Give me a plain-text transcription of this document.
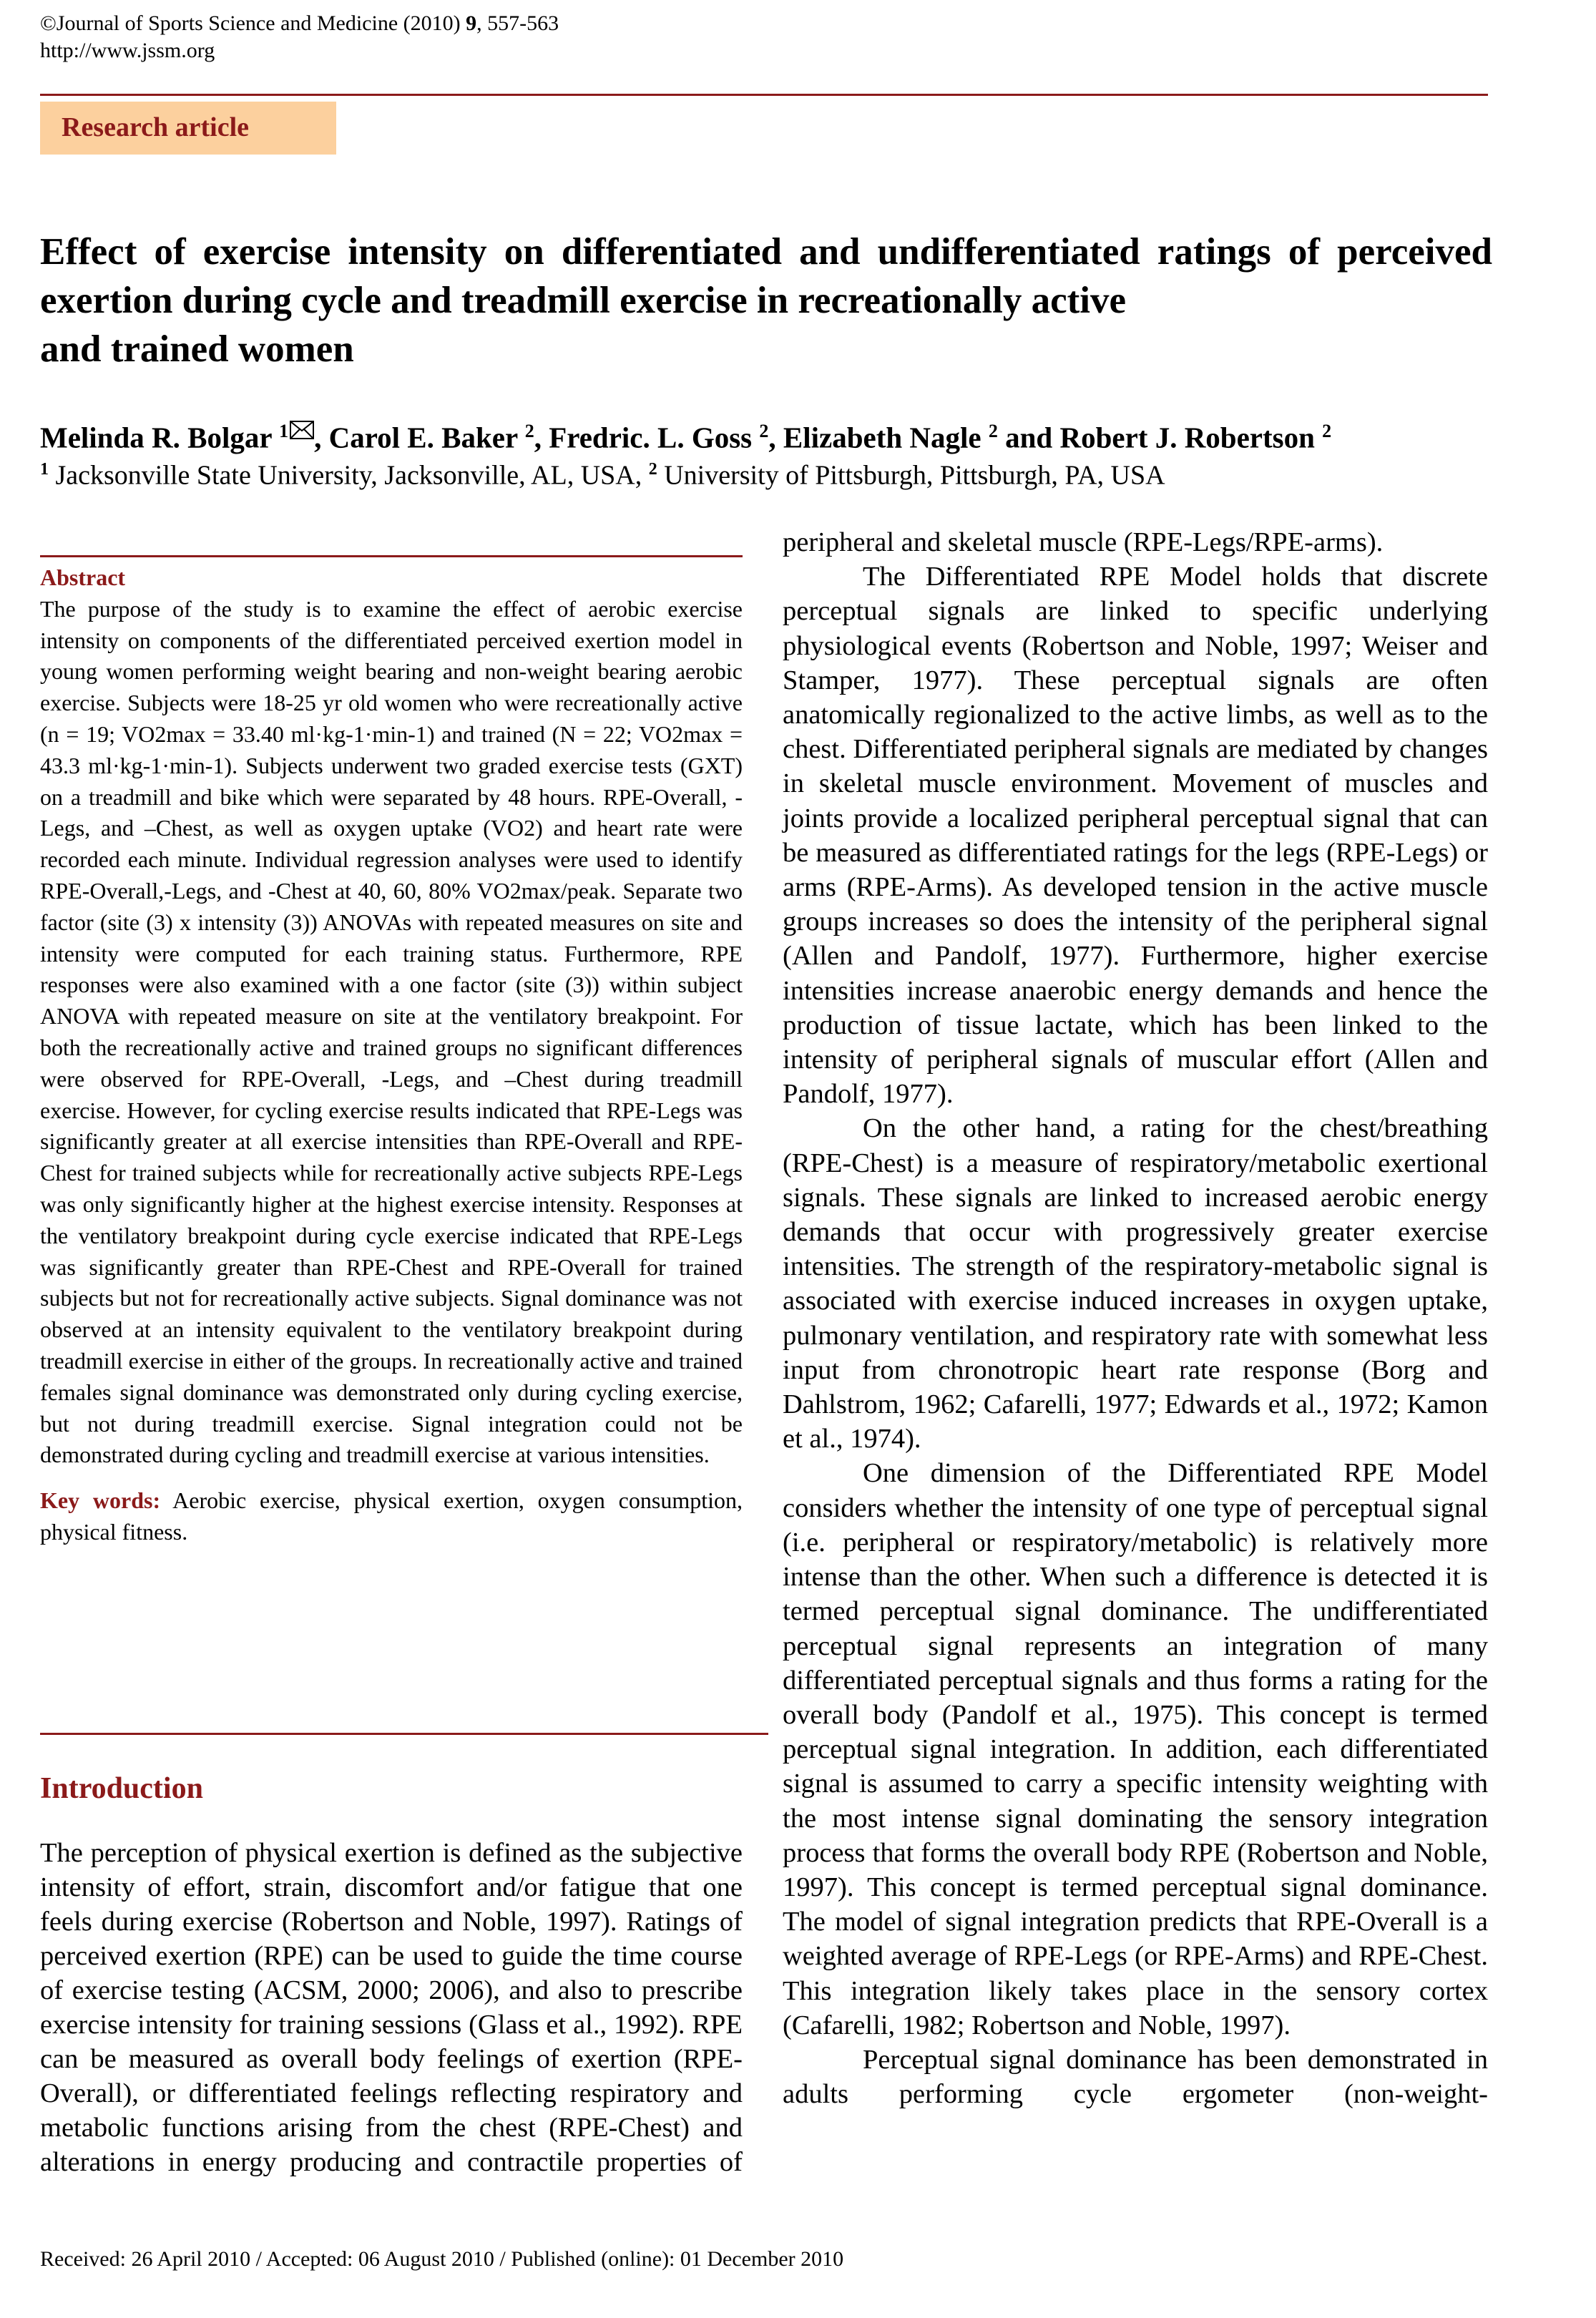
©Journal of Sports Science and Medicine (2010) 9, 557-563
http://www.jssm.org
Research article
Effect of exercise intensity on differentiated and undifferentiated ratings of perceived exertion during cycle and treadmill exercise in recreationally active
and trained women
Melinda R. Bolgar $^1$ , Carol E. Baker $^2$, Fredric. L. Goss $^2$, Elizabeth Nagle $^2$ and Robert J. Robertson $^2$
$^1$ Jacksonville State University, Jacksonville, AL, USA, $^2$ University of Pittsburgh, Pittsburgh, PA, USA
Abstract

The purpose of the study is to examine the effect of aerobic exercise intensity on components of the differentiated perceived exertion model in young women performing weight bearing and non-weight bearing aerobic exercise. Subjects were 18-25 yr old women who were recreationally active (n = 19; VO2max = 33.40 ml·kg-1·min-1) and trained (N = 22; VO2max = 43.3 ml·kg-1·min-1). Subjects underwent two graded exercise tests (GXT) on a treadmill and bike which were separated by 48 hours. RPE-Overall, -Legs, and –Chest, as well as oxygen uptake (VO2) and heart rate were recorded each minute. Individual regression analyses were used to identify RPE-Overall,-Legs, and -Chest at 40, 60, 80% VO2max/peak. Separate two factor (site (3) x intensity (3)) ANOVAs with repeated measures on site and intensity were computed for each training status. Furthermore, RPE responses were also examined with a one factor (site (3)) within subject ANOVA with repeated measure on site at the ventilatory breakpoint. For both the recreationally active and trained groups no significant differences were observed for RPE-Overall, -Legs, and –Chest during treadmill exercise. However, for cycling exercise results indicated that RPE-Legs was significantly greater at all exercise intensities than RPE-Overall and RPE-Chest for trained subjects while for recreationally active subjects RPE-Legs was only significantly higher at the highest exercise intensity. Responses at the ventilatory breakpoint during cycle exercise indicated that RPE-Legs was significantly greater than RPE-Chest and RPE-Overall for trained subjects but not for recreationally active subjects. Signal dominance was not observed at an intensity equivalent to the ventilatory breakpoint during treadmill exercise in either of the groups. In recreationally active and trained females signal dominance was demonstrated only during cycling exercise, but not during treadmill exercise. Signal integration could not be demonstrated during cycling and treadmill exercise at various intensities.

Key words: Aerobic exercise, physical exertion, oxygen consumption, physical fitness.

Introduction

The perception of physical exertion is defined as the subjective intensity of effort, strain, discomfort and/or fatigue that one feels during exercise (Robertson and Noble, 1997). Ratings of perceived exertion (RPE) can be used to guide the time course of exercise testing (ACSM, 2000; 2006), and also to prescribe exercise intensity for training sessions (Glass et al., 1992). RPE can be measured as overall body feelings of exertion (RPE-Overall), or differentiated feelings reflecting respiratory and metabolic functions arising from the chest (RPE-Chest) and alterations in energy producing and contractile properties of

peripheral and skeletal muscle (RPE-Legs/RPE-arms).

The Differentiated RPE Model holds that discrete perceptual signals are linked to specific underlying physiological events (Robertson and Noble, 1997; Weiser and Stamper, 1977). These perceptual signals are often anatomically regionalized to the active limbs, as well as to the chest. Differentiated peripheral signals are mediated by changes in skeletal muscle environment. Movement of muscles and joints provide a localized peripheral perceptual signal that can be measured as differentiated ratings for the legs (RPE-Legs) or arms (RPE-Arms). As developed tension in the active muscle groups increases so does the intensity of the peripheral signal (Allen and Pandolf, 1977). Furthermore, higher exercise intensities increase anaerobic energy demands and hence the production of tissue lactate, which has been linked to the intensity of peripheral signals of muscular effort (Allen and Pandolf, 1977).

On the other hand, a rating for the chest/breathing (RPE-Chest) is a measure of respiratory/metabolic exertional signals. These signals are linked to increased aerobic energy demands that occur with progressively greater exercise intensities. The strength of the respiratory-metabolic signal is associated with exercise induced increases in oxygen uptake, pulmonary ventilation, and respiratory rate with somewhat less input from chronotropic heart rate response (Borg and Dahlstrom, 1962; Cafarelli, 1977; Edwards et al., 1972; Kamon et al., 1974).

One dimension of the Differentiated RPE Model considers whether the intensity of one type of perceptual signal (i.e. peripheral or respiratory/metabolic) is relatively more intense than the other. When such a difference is detected it is termed perceptual signal dominance. The undifferentiated perceptual signal represents an integration of many differentiated perceptual signals and thus forms a rating for the overall body (Pandolf et al., 1975). This concept is termed perceptual signal integration. In addition, each differentiated signal is assumed to carry a specific intensity weighting with the most intense signal dominating the sensory integration process that forms the overall body RPE (Robertson and Noble, 1997). This concept is termed perceptual signal dominance. The model of signal integration predicts that RPE-Overall is a weighted average of RPE-Legs (or RPE-Arms) and RPE-Chest. This integration likely takes place in the sensory cortex (Cafarelli, 1982; Robertson and Noble, 1997).

Perceptual signal dominance has been demonstrated in adults performing cycle ergometer (non-weight-

Received: 26 April 2010 / Accepted: 06 August 2010 / Published (online): 01 December 2010
